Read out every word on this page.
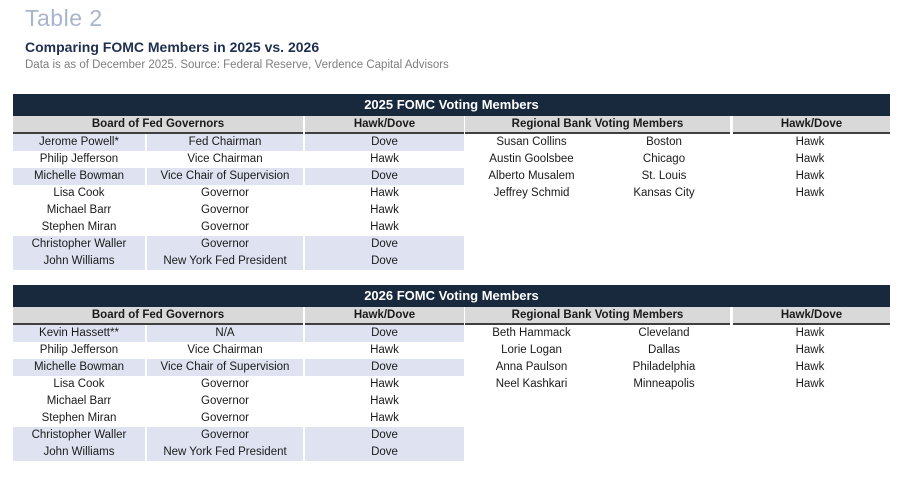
Table 2
Comparing FOMC Members in 2025 vs. 2026
Data is as of December 2025. Source: Federal Reserve, Verdence Capital Advisors
2025 FOMC Voting Members
Board of Fed Governors	Hawk/Dove
Jerome Powell*	Fed Chairman	Dove
Philip Jefferson	Vice Chairman	Hawk
Michelle Bowman	Vice Chair of Supervision	Dove
Lisa Cook	Governor	Hawk
Michael Barr	Governor	Hawk
Stephen Miran	Governor	Hawk
Christopher Waller	Governor	Dove
John Williams	New York Fed President	Dove
Regional Bank Voting Members	Hawk/Dove
Susan Collins	Boston	Hawk
Austin Goolsbee	Chicago	Hawk
Alberto Musalem	St. Louis	Hawk
Jeffrey Schmid	Kansas City	Hawk
2026 FOMC Voting Members
Board of Fed Governors	Hawk/Dove
Kevin Hassett**	N/A	Dove
Philip Jefferson	Vice Chairman	Hawk
Michelle Bowman	Vice Chair of Supervision	Dove
Lisa Cook	Governor	Hawk
Michael Barr	Governor	Hawk
Stephen Miran	Governor	Hawk
Christopher Waller	Governor	Dove
John Williams	New York Fed President	Dove
Regional Bank Voting Members	Hawk/Dove
Beth Hammack	Cleveland	Hawk
Lorie Logan	Dallas	Hawk
Anna Paulson	Philadelphia	Hawk
Neel Kashkari	Minneapolis	Hawk
